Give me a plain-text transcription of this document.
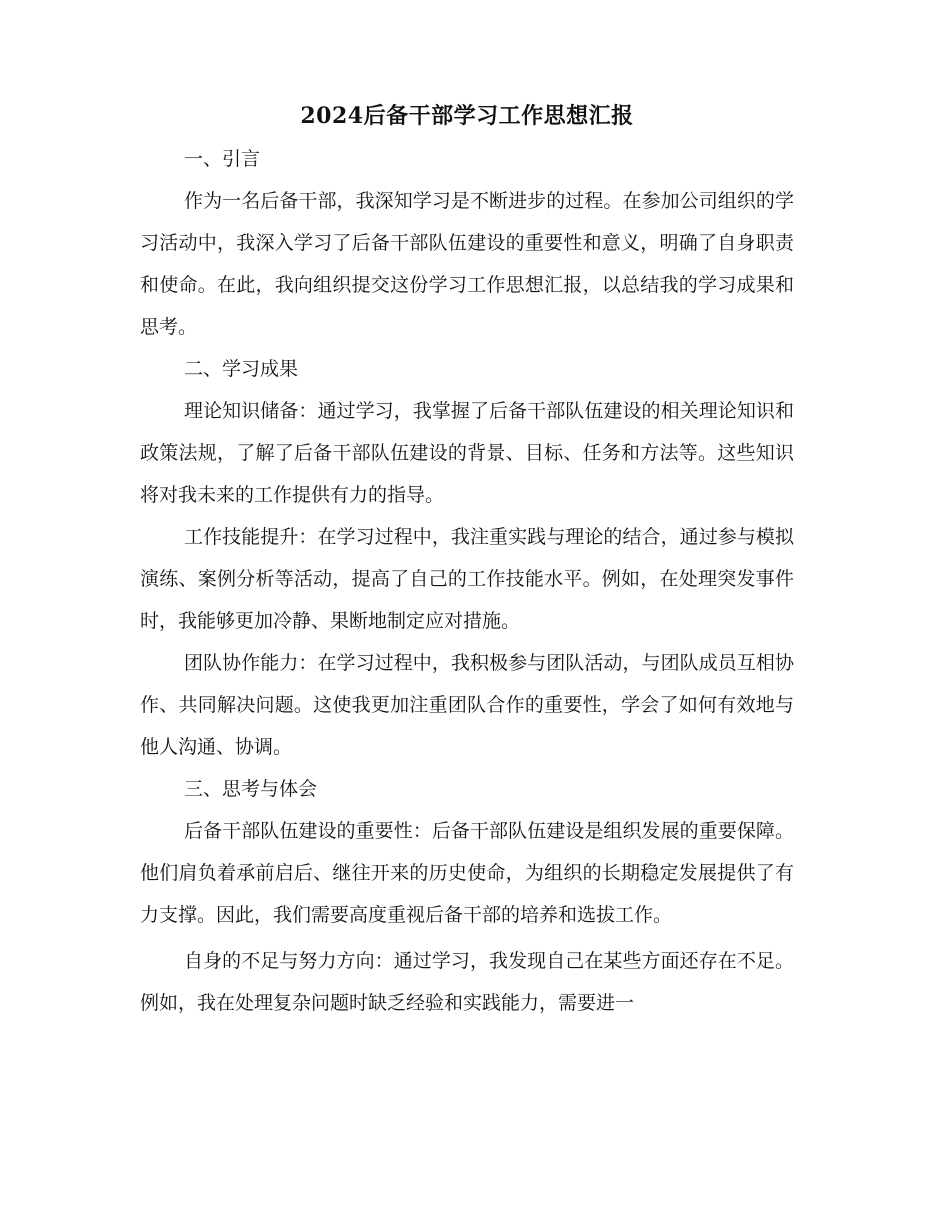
2024后备干部学习工作思想汇报

一、引言

作为一名后备干部，我深知学习是不断进步的过程。在参加公司组织的学习活动中，我深入学习了后备干部队伍建设的重要性和意义，明确了自身职责和使命。在此，我向组织提交这份学习工作思想汇报，以总结我的学习成果和思考。

二、学习成果

理论知识储备：通过学习，我掌握了后备干部队伍建设的相关理论知识和政策法规，了解了后备干部队伍建设的背景、目标、任务和方法等。这些知识将对我未来的工作提供有力的指导。

工作技能提升：在学习过程中，我注重实践与理论的结合，通过参与模拟演练、案例分析等活动，提高了自己的工作技能水平。例如，在处理突发事件时，我能够更加冷静、果断地制定应对措施。

团队协作能力：在学习过程中，我积极参与团队活动，与团队成员互相协作、共同解决问题。这使我更加注重团队合作的重要性，学会了如何有效地与他人沟通、协调。

三、思考与体会

后备干部队伍建设的重要性：后备干部队伍建设是组织发展的重要保障。他们肩负着承前启后、继往开来的历史使命，为组织的长期稳定发展提供了有力支撑。因此，我们需要高度重视后备干部的培养和选拔工作。

自身的不足与努力方向：通过学习，我发现自己在某些方面还存在不足。例如，我在处理复杂问题时缺乏经验和实践能力，需要进一
